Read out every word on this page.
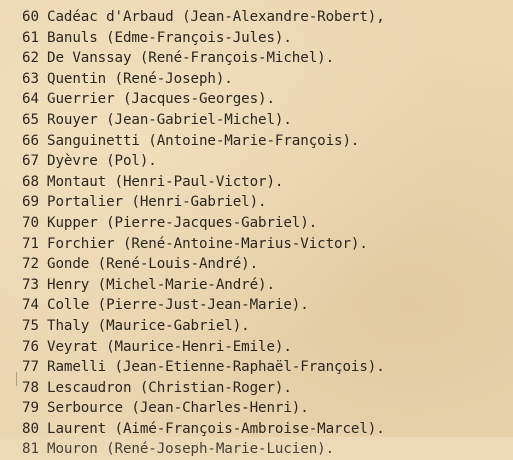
60 Cadéac d'Arbaud (Jean-Alexandre-Robert),
61 Banuls (Edme-François-Jules).
62 De Vanssay (René-François-Michel).
63 Quentin (René-Joseph).
64 Guerrier (Jacques-Georges).
65 Rouyer (Jean-Gabriel-Michel).
66 Sanguinetti (Antoine-Marie-François).
67 Dyèvre (Pol).
68 Montaut (Henri-Paul-Victor).
69 Portalier (Henri-Gabriel).
70 Kupper (Pierre-Jacques-Gabriel).
71 Forchier (René-Antoine-Marius-Victor).
72 Gonde (René-Louis-André).
73 Henry (Michel-Marie-André).
74 Colle (Pierre-Just-Jean-Marie).
75 Thaly (Maurice-Gabriel).
76 Veyrat (Maurice-Henri-Emile).
77 Ramelli (Jean-Etienne-Raphaël-François).
78 Lescaudron (Christian-Roger).
79 Serbource (Jean-Charles-Henri).
80 Laurent (Aimé-François-Ambroise-Marcel).
81 Mouron (René-Joseph-Marie-Lucien).
